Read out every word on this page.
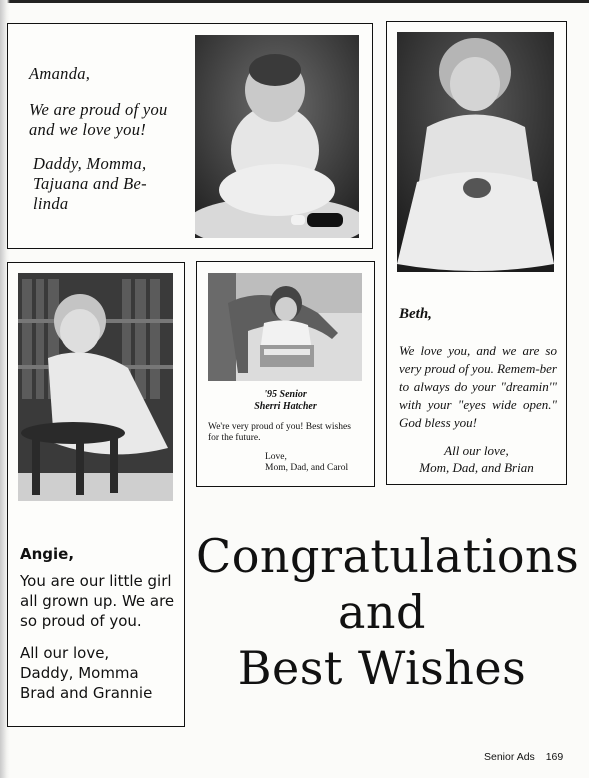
Amanda,

We are proud of you and we love you!

Daddy, Momma, Tajuana and Be-linda

Beth,
We love you, and we are so very proud of you. Remem-ber to always do your "dreamin'" with your "eyes wide open." God bless you!
All our love,
Mom, Dad, and Brian
Angie,
You are our little girl all grown up. We are so proud of you.
All our love,
Daddy, Momma
Brad and Grannie
'95 Senior
Sherri Hatcher
We're very proud of you! Best wishes for the future.
Love,
Mom, Dad, and Carol
Congratulations
and
Best Wishes
Senior Ads 169
